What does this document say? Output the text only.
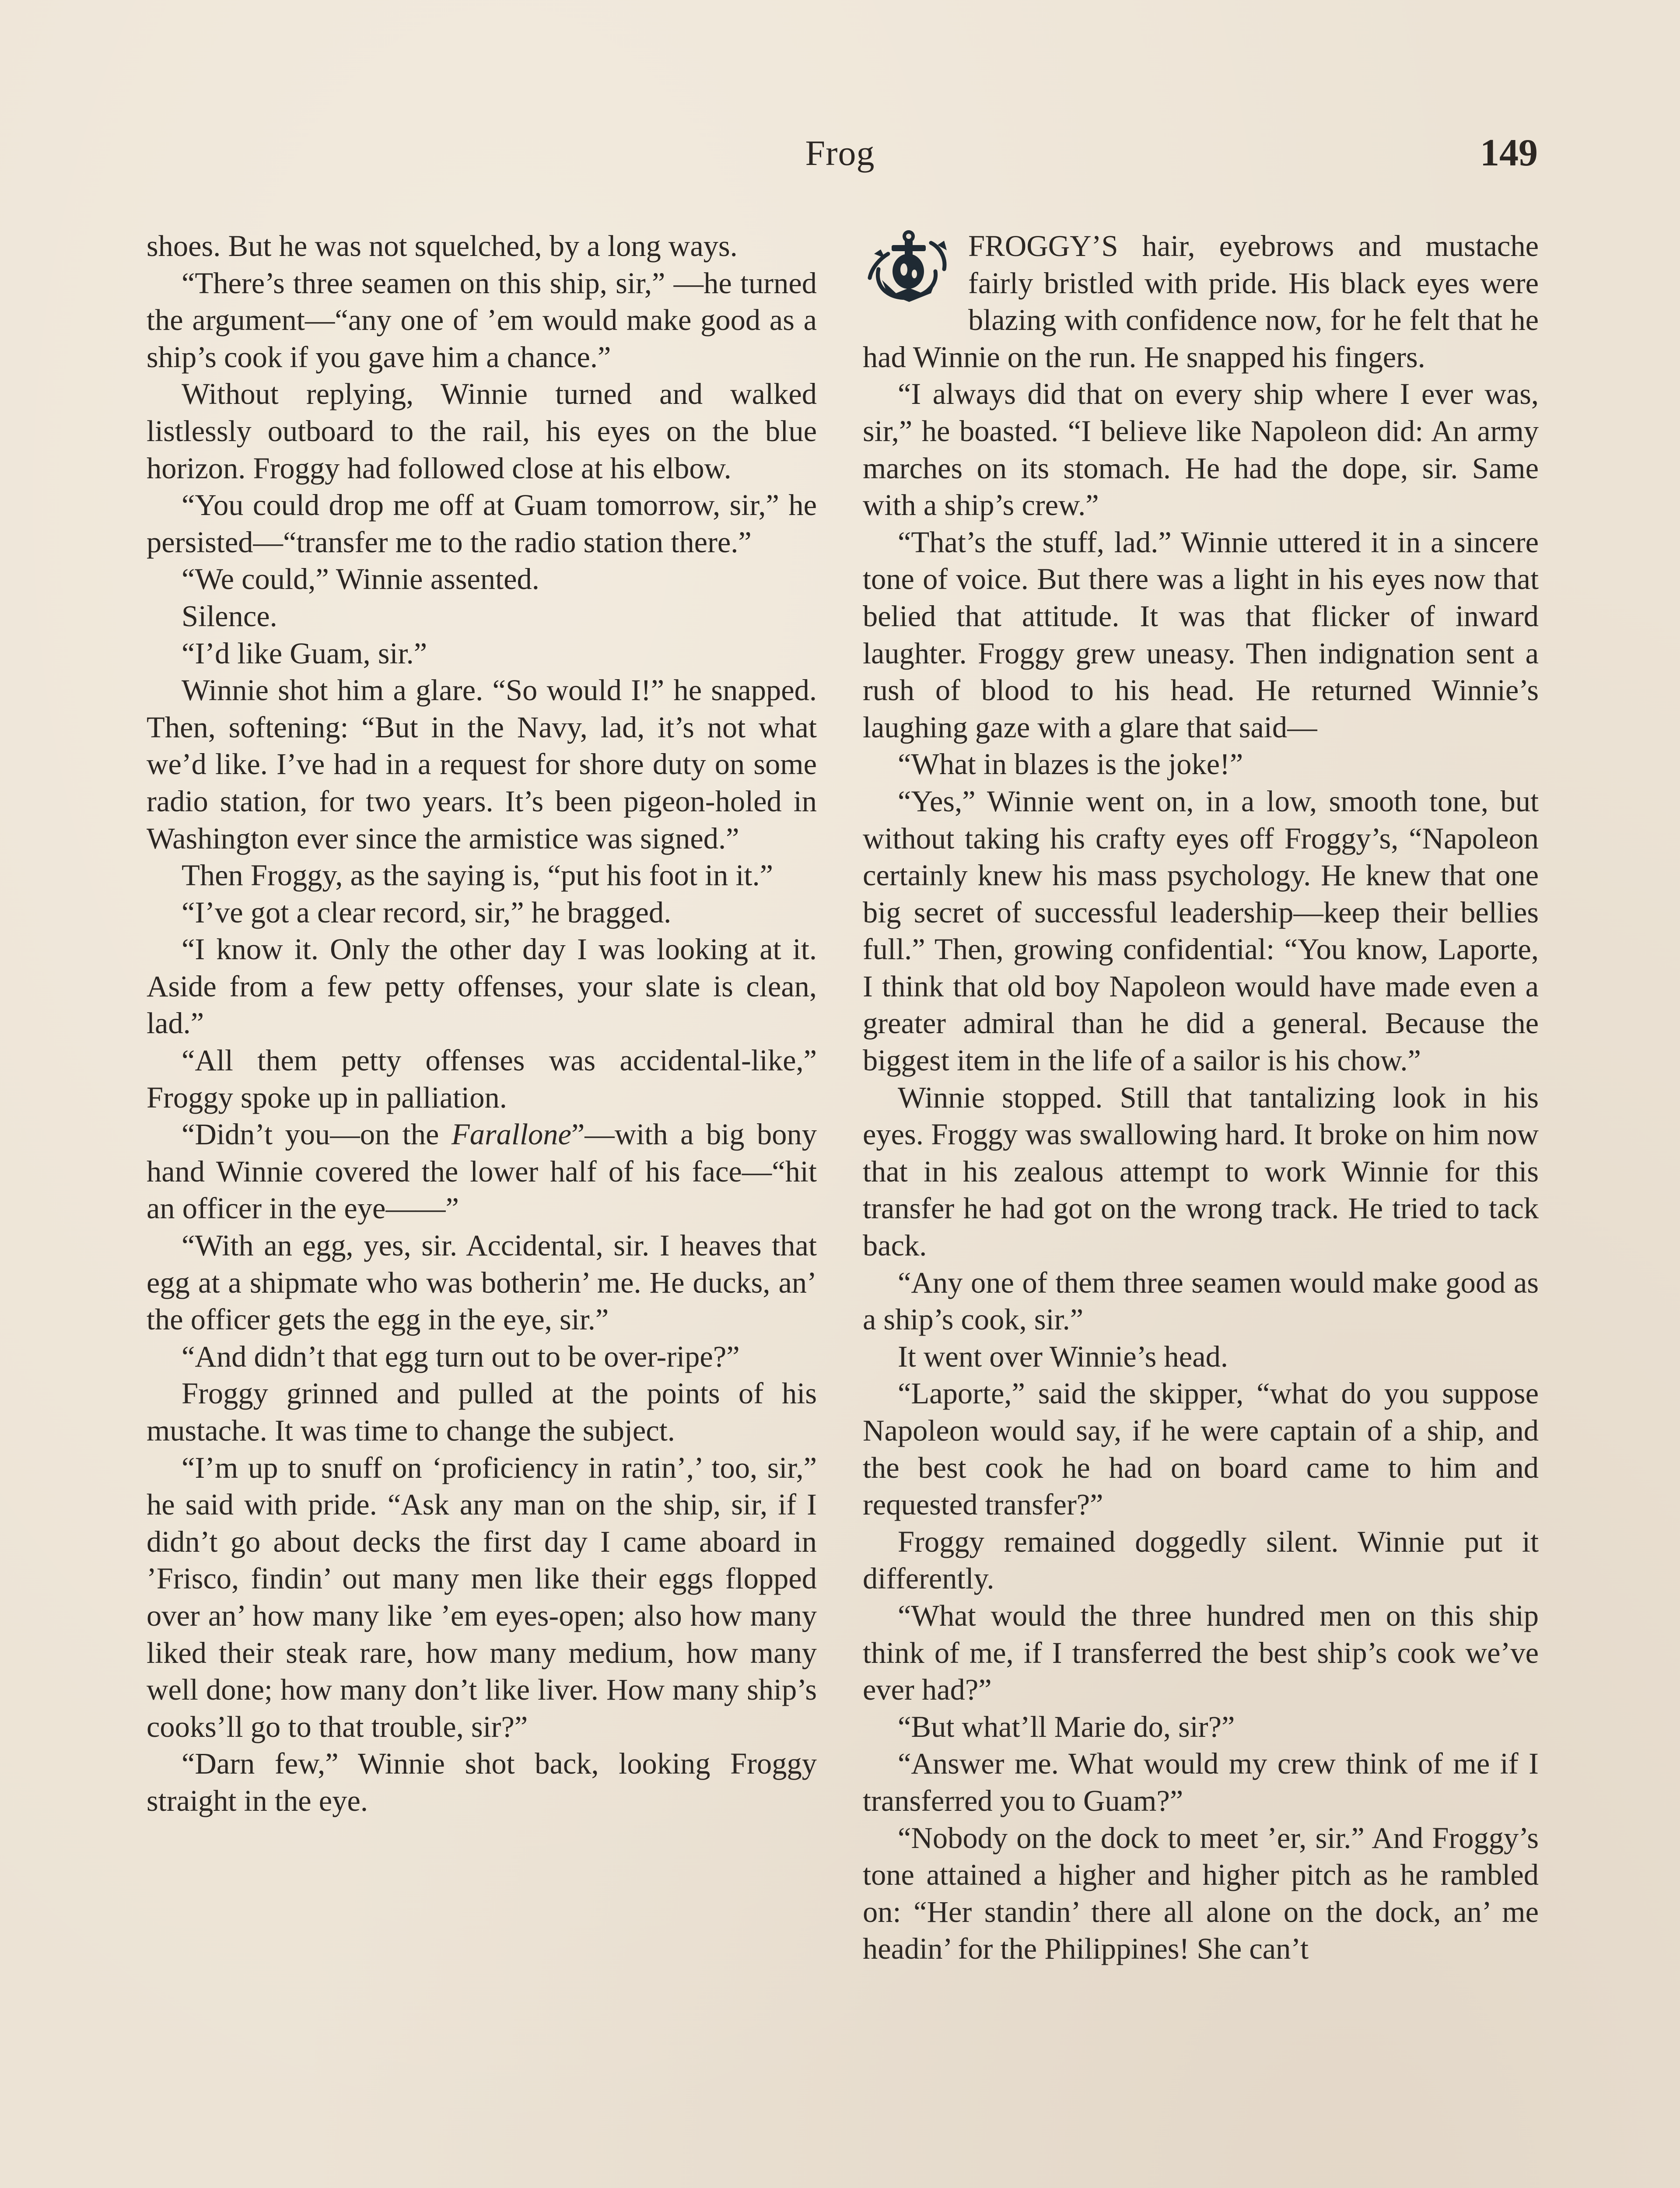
Frog	149

shoes. But he was not squelched, by a long ways.

“There’s three seamen on this ship, sir,” —he turned the argument—“any one of ’em would make good as a ship’s cook if you gave him a chance.”

Without replying, Winnie turned and walked listlessly outboard to the rail, his eyes on the blue horizon. Froggy had followed close at his elbow.

“You could drop me off at Guam tomorrow, sir,” he persisted—“transfer me to the radio station there.”

“We could,” Winnie assented.

Silence.

“I’d like Guam, sir.”

Winnie shot him a glare. “So would I!” he snapped. Then, softening: “But in the Navy, lad, it’s not what we’d like. I’ve had in a request for shore duty on some radio station, for two years. It’s been pigeon-holed in Washington ever since the armistice was signed.”

Then Froggy, as the saying is, “put his foot in it.”

“I’ve got a clear record, sir,” he bragged.

“I know it. Only the other day I was looking at it. Aside from a few petty offenses, your slate is clean, lad.”

“All them petty offenses was accidental-like,” Froggy spoke up in palliation.

“Didn’t you—on the Farallone”—with a big bony hand Winnie covered the lower half of his face—“hit an officer in the eye——”

“With an egg, yes, sir. Accidental, sir. I heaves that egg at a shipmate who was botherin’ me. He ducks, an’ the officer gets the egg in the eye, sir.”

“And didn’t that egg turn out to be over-ripe?”

Froggy grinned and pulled at the points of his mustache. It was time to change the subject.

“I’m up to snuff on ‘proficiency in ratin’,’ too, sir,” he said with pride. “Ask any man on the ship, sir, if I didn’t go about decks the first day I came aboard in ’Frisco, findin’ out many men like their eggs flopped over an’ how many like ’em eyes-open; also how many liked their steak rare, how many medium, how many well done; how many don’t like liver. How many ship’s cooks’ll go to that trouble, sir?”

“Darn few,” Winnie shot back, looking Froggy straight in the eye.

FROGGY’S hair, eyebrows and mustache fairly bristled with pride. His black eyes were blazing with confidence now, for he felt that he had Winnie on the run. He snapped his fingers.

“I always did that on every ship where I ever was, sir,” he boasted. “I believe like Napoleon did: An army marches on its stomach. He had the dope, sir. Same with a ship’s crew.”

“That’s the stuff, lad.” Winnie uttered it in a sincere tone of voice. But there was a light in his eyes now that belied that attitude. It was that flicker of inward laughter. Froggy grew uneasy. Then indignation sent a rush of blood to his head. He returned Winnie’s laughing gaze with a glare that said—

“What in blazes is the joke!”

“Yes,” Winnie went on, in a low, smooth tone, but without taking his crafty eyes off Froggy’s, “Napoleon certainly knew his mass psychology. He knew that one big secret of successful leadership—keep their bellies full.” Then, growing confidential: “You know, Laporte, I think that old boy Napoleon would have made even a greater admiral than he did a general. Because the biggest item in the life of a sailor is his chow.”

Winnie stopped. Still that tantalizing look in his eyes. Froggy was swallowing hard. It broke on him now that in his zealous attempt to work Winnie for this transfer he had got on the wrong track. He tried to tack back.

“Any one of them three seamen would make good as a ship’s cook, sir.”

It went over Winnie’s head.

“Laporte,” said the skipper, “what do you suppose Napoleon would say, if he were captain of a ship, and the best cook he had on board came to him and requested transfer?”

Froggy remained doggedly silent. Winnie put it differently.

“What would the three hundred men on this ship think of me, if I transferred the best ship’s cook we’ve ever had?”

“But what’ll Marie do, sir?”

“Answer me. What would my crew think of me if I transferred you to Guam?”

“Nobody on the dock to meet ’er, sir.” And Froggy’s tone attained a higher and higher pitch as he rambled on: “Her standin’ there all alone on the dock, an’ me headin’ for the Philippines! She can’t
